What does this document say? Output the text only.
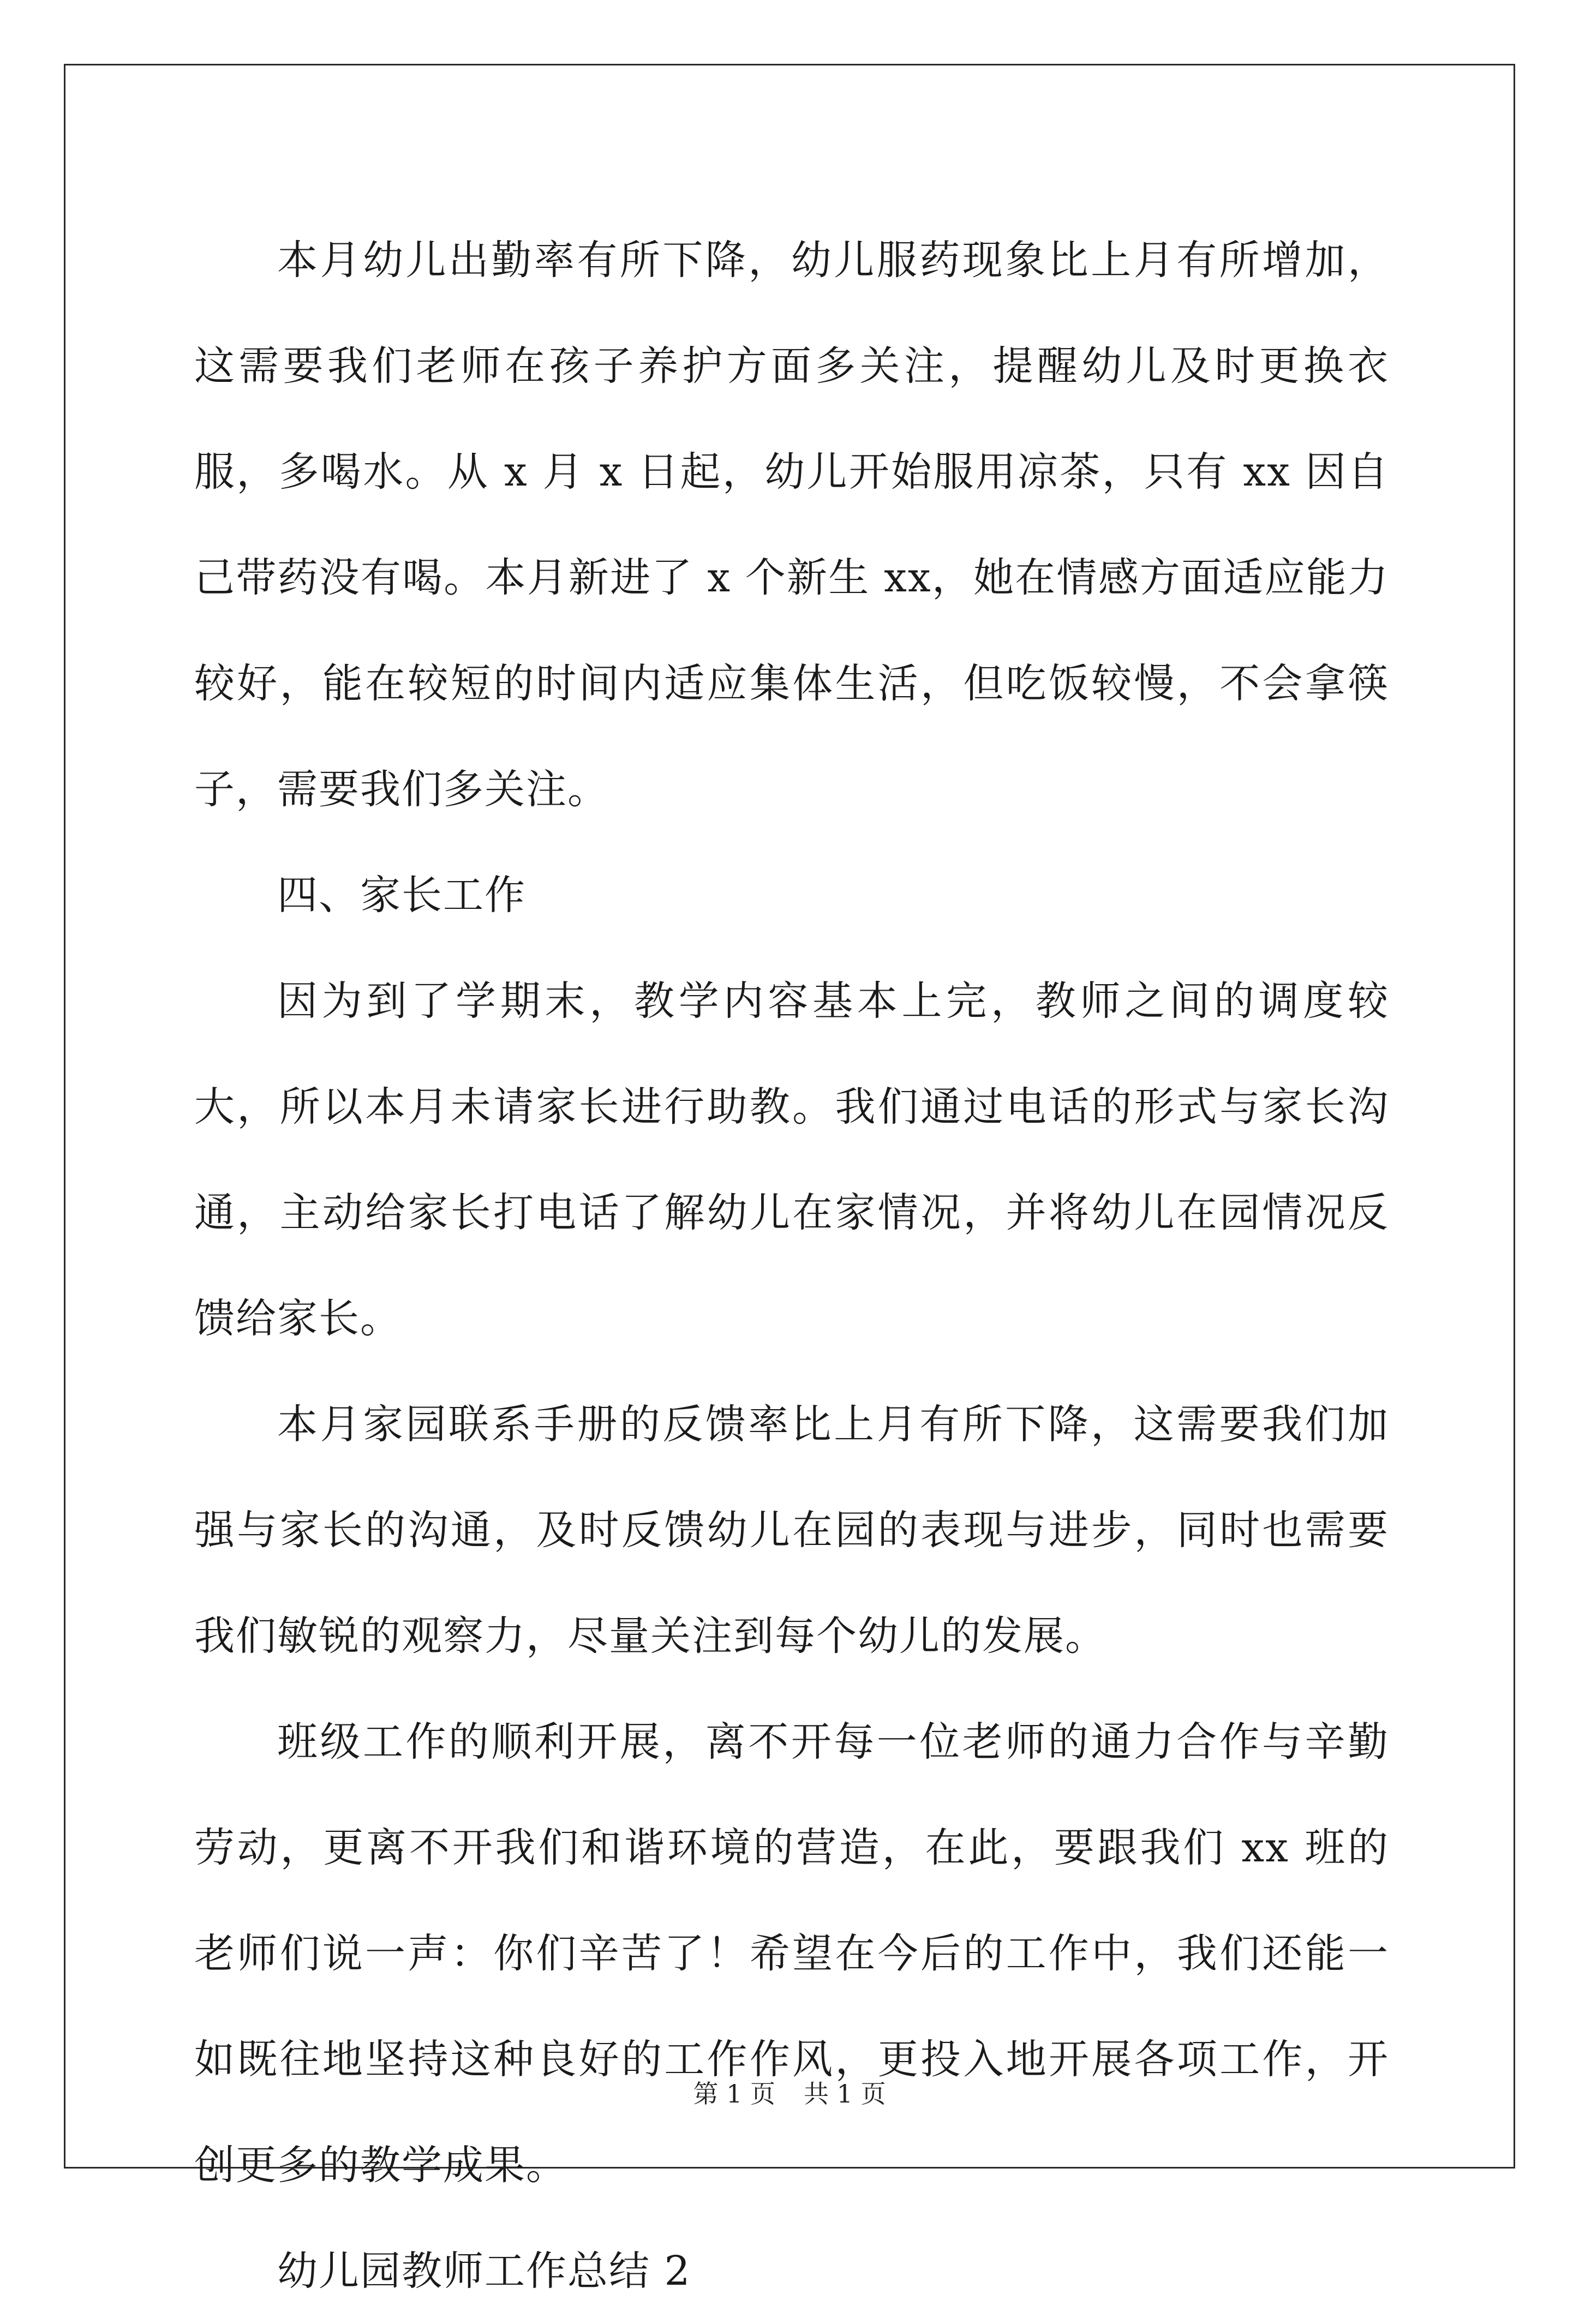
本月幼儿出勤率有所下降，幼儿服药现象比上月有所增加，这需要我们老师在孩子养护方面多关注，提醒幼儿及时更换衣服，多喝水。从 x 月 x 日起，幼儿开始服用凉茶，只有 xx 因自己带药没有喝。本月新进了 x 个新生 xx，她在情感方面适应能力较好，能在较短的时间内适应集体生活，但吃饭较慢，不会拿筷子，需要我们多关注。

四、家长工作

因为到了学期末，教学内容基本上完，教师之间的调度较大，所以本月未请家长进行助教。我们通过电话的形式与家长沟通，主动给家长打电话了解幼儿在家情况，并将幼儿在园情况反馈给家长。

本月家园联系手册的反馈率比上月有所下降，这需要我们加强与家长的沟通，及时反馈幼儿在园的表现与进步，同时也需要我们敏锐的观察力，尽量关注到每个幼儿的发展。

班级工作的顺利开展，离不开每一位老师的通力合作与辛勤劳动，更离不开我们和谐环境的营造，在此，要跟我们 xx 班的老师们说一声：你们辛苦了！希望在今后的工作中，我们还能一如既往地坚持这种良好的工作作风，更投入地开展各项工作，开创更多的教学成果。

幼儿园教师工作总结 2

第 1 页 共 1 页
